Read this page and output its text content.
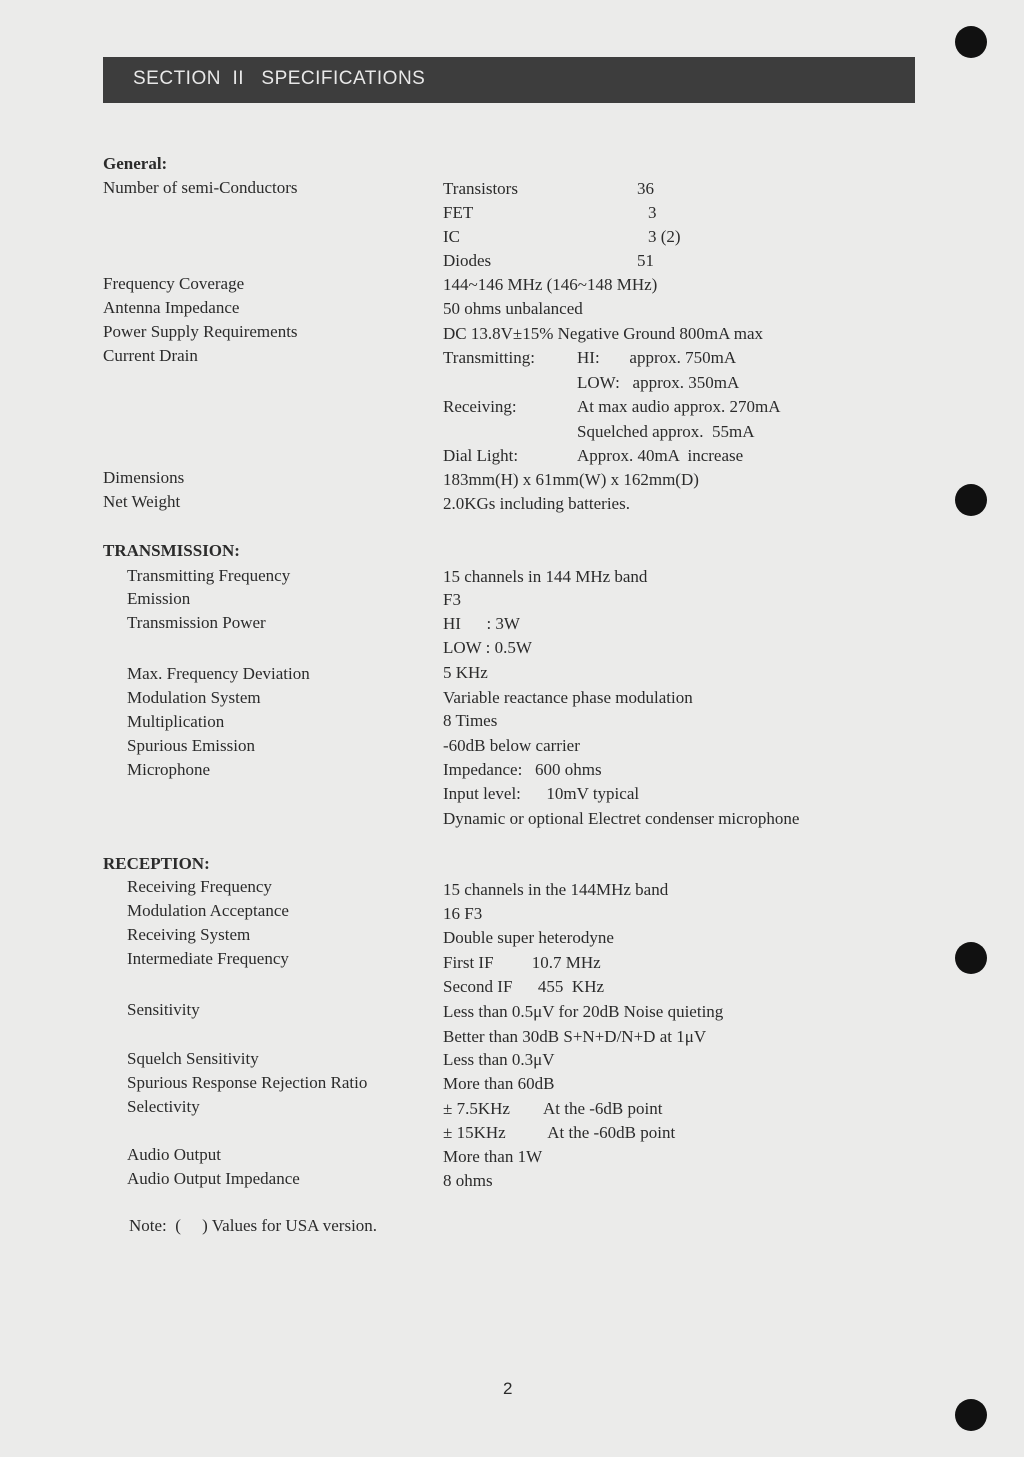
SECTION  II   SPECIFICATIONS
General:
Number of semi-Conductors	Transistors	36
FET	3
IC	3 (2)
Diodes	51
Frequency Coverage	144~146 MHz (146~148 MHz)
Antenna Impedance	50 ohms unbalanced
Power Supply Requirements	DC 13.8V±15% Negative Ground 800mA max
Current Drain	Transmitting: HI:       approx. 750mA
LOW:   approx. 350mA
Receiving:	At max audio approx. 270mA
Squelched approx.  55mA
Dial Light:	Approx. 40mA  increase
Dimensions	183mm(H) x 61mm(W) x 162mm(D)
Net Weight	2.0KGs including batteries.
TRANSMISSION:
Transmitting Frequency	15 channels in 144 MHz band
Emission	F3
Transmission Power	HI      : 3W
LOW : 0.5W
Max. Frequency Deviation	5 KHz
Modulation System	Variable reactance phase modulation
Multiplication	8 Times
Spurious Emission	-60dB below carrier
Microphone	Impedance:   600 ohms
Input level:      10mV typical
Dynamic or optional Electret condenser microphone
RECEPTION:
Receiving Frequency	15 channels in the 144MHz band
Modulation Acceptance	16 F3
Receiving System	Double super heterodyne
Intermediate Frequency	First IF         10.7 MHz
Second IF      455  KHz
Sensitivity	Less than 0.5μV for 20dB Noise quieting
Better than 30dB S+N+D/N+D at 1μV
Squelch Sensitivity	Less than 0.3μV
Spurious Response Rejection Ratio	More than 60dB
Selectivity	± 7.5KHz        At the -6dB point
± 15KHz          At the -60dB point
Audio Output	More than 1W
Audio Output Impedance	8 ohms
Note:  (     ) Values for USA version.
2
